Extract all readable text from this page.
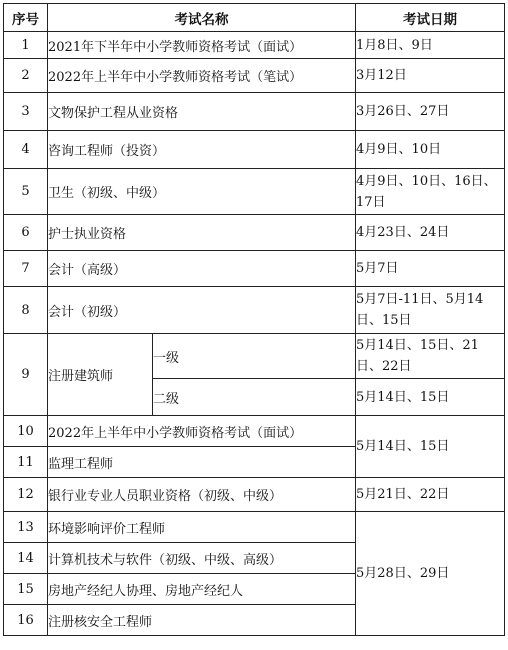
序号	考试名称		考试日期
1	2021年下半年中小学教师资格考试（面试）		1月8日、9日
2	2022年上半年中小学教师资格考试（笔试）		3月12日
3	文物保护工程从业资格		3月26日、27日
4	咨询工程师（投资）		4月9日、10日
5	卫生（初级、中级）		4月9日、10日、16日、17日
6	护士执业资格		4月23日、24日
7	会计（高级）		5月7日
8	会计（初级）		5月7日-11日、5月14日、15日
9	注册建筑师	一级	5月14日、15日、21日、22日
		二级	5月14日、15日
10	2022年上半年中小学教师资格考试（面试）		5月14日、15日
11	监理工程师		
12	银行业专业人员职业资格（初级、中级）		5月21日、22日
13	环境影响评价工程师		5月28日、29日
14	计算机技术与软件（初级、中级、高级）		
15	房地产经纪人协理、房地产经纪人		
16	注册核安全工程师		
